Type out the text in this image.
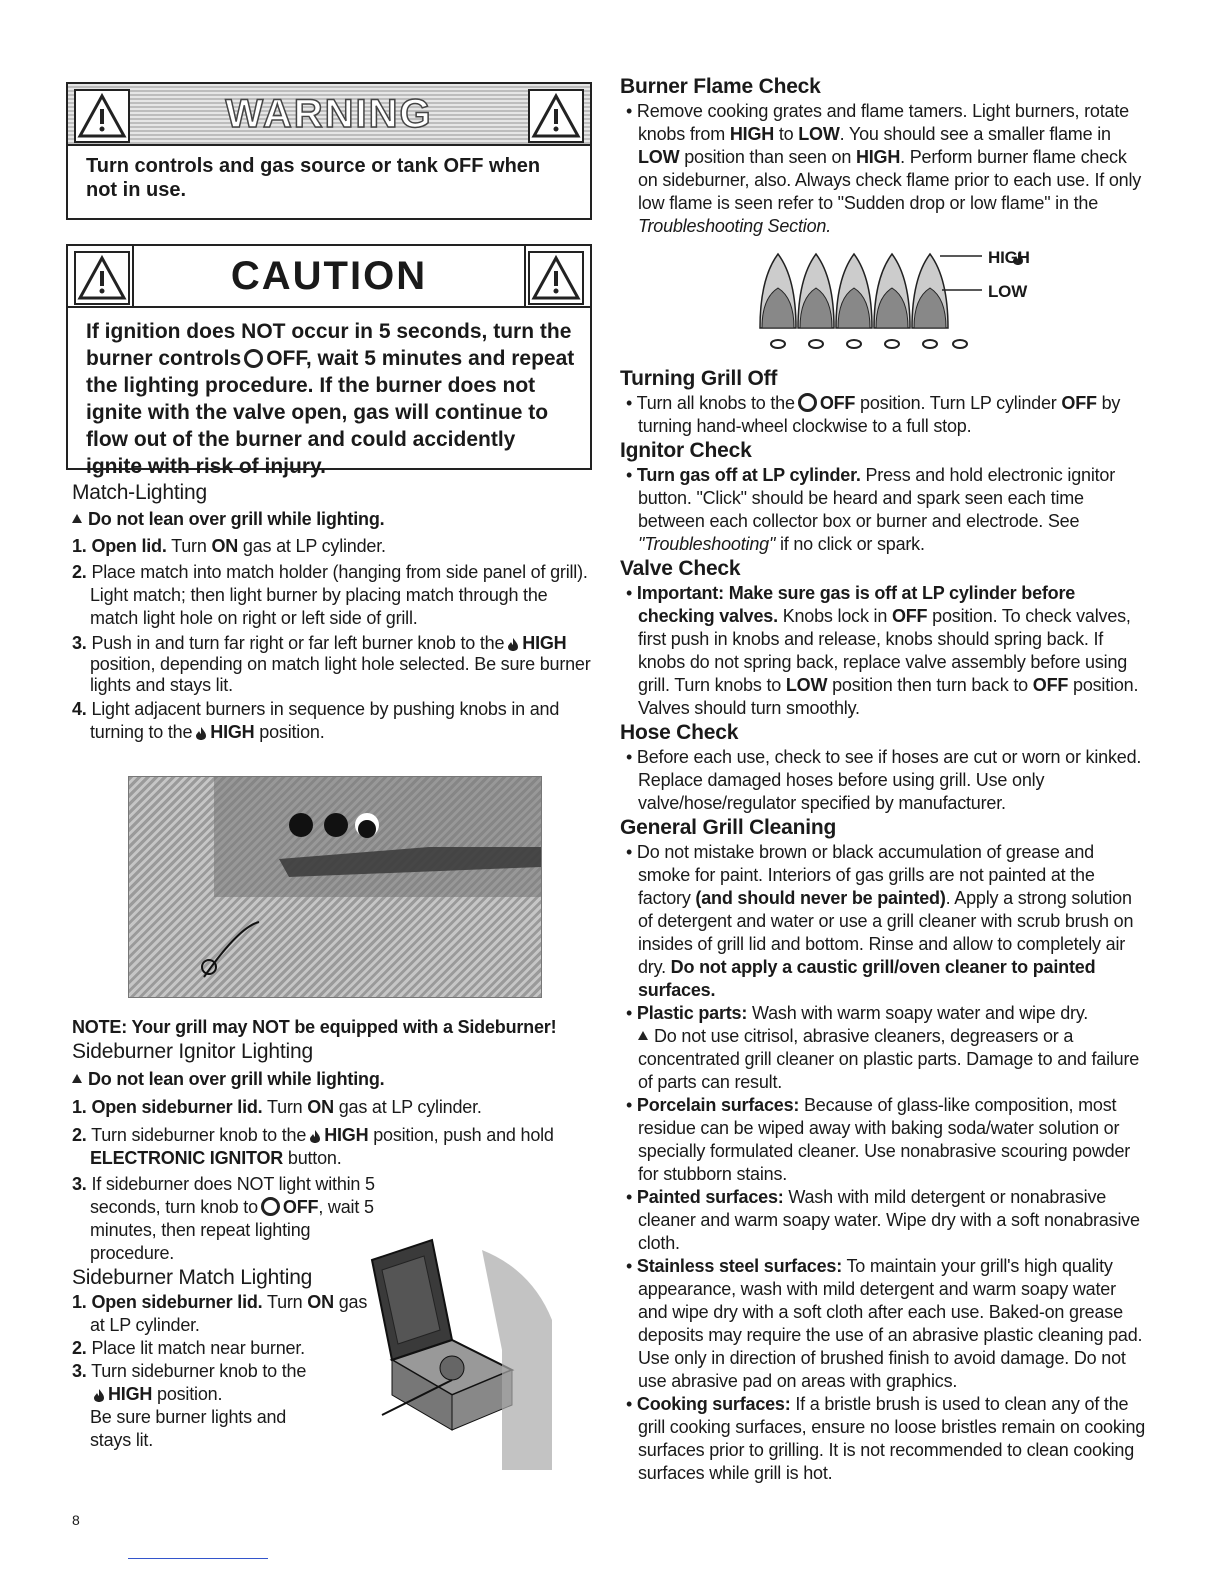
WARNING
Turn controls and gas source or tank OFF when not in use.
CAUTION
If ignition does NOT occur in 5 seconds, turn the burner controls OFF, wait 5 minutes and repeat the lighting procedure. If the burner does not ignite with the valve open, gas will continue to flow out of the burner and could accidently ignite with risk of injury.
Match-Lighting

Do not lean over grill while lighting.

1. Open lid. Turn ON gas at LP cylinder.

2. Place match into match holder (hanging from side panel of grill). Light match; then light burner by placing match through the match light hole on right or left side of grill.

3. Push in and turn far right or far left burner knob to the HIGH position, depending on match light hole selected. Be sure burner lights and stays lit.

4. Light adjacent burners in sequence by pushing knobs in and turning to the HIGH position.

NOTE: Your grill may NOT be equipped with a Sideburner!

Sideburner Ignitor Lighting

Do not lean over grill while lighting.

1. Open sideburner lid. Turn ON gas at LP cylinder.

2. Turn sideburner knob to the HIGH position, push and hold ELECTRONIC IGNITOR button.

3. If sideburner does NOT light within 5 seconds, turn knob to OFF, wait 5 minutes, then repeat lighting procedure.

Sideburner Match Lighting

1. Open sideburner lid. Turn ON gas at LP cylinder.

2. Place lit match near burner.

3. Turn sideburner knob to the
HIGH position.
Be sure burner lights and stays lit.

8
Burner Flame Check

• Remove cooking grates and flame tamers. Light burners, rotate knobs from HIGH to LOW. You should see a smaller flame in LOW position than seen on HIGH. Perform burner flame check on sideburner, also. Always check flame prior to each use. If only low flame is seen refer to "Sudden drop or low flame" in the Troubleshooting Section.

HIGH
LOW
Turning Grill Off

• Turn all knobs to the OFF position. Turn LP cylinder OFF by turning hand-wheel clockwise to a full stop.

Ignitor Check

• Turn gas off at LP cylinder. Press and hold electronic ignitor button. "Click" should be heard and spark seen each time between each collector box or burner and electrode. See "Troubleshooting" if no click or spark.

Valve Check

• Important: Make sure gas is off at LP cylinder before checking valves. Knobs lock in OFF position. To check valves, first push in knobs and release, knobs should spring back. If knobs do not spring back, replace valve assembly before using grill. Turn knobs to LOW position then turn back to OFF position. Valves should turn smoothly.

Hose Check

• Before each use, check to see if hoses are cut or worn or kinked. Replace damaged hoses before using grill. Use only valve/hose/regulator specified by manufacturer.

General Grill Cleaning

• Do not mistake brown or black accumulation of grease and smoke for paint. Interiors of gas grills are not painted at the factory (and should never be painted). Apply a strong solution of detergent and water or use a grill cleaner with scrub brush on insides of grill lid and bottom. Rinse and allow to completely air dry. Do not apply a caustic grill/oven cleaner to painted surfaces.

• Plastic parts: Wash with warm soapy water and wipe dry.
Do not use citrisol, abrasive cleaners, degreasers or a concentrated grill cleaner on plastic parts. Damage to and failure of parts can result.

• Porcelain surfaces: Because of glass-like composition, most residue can be wiped away with baking soda/water solution or specially formulated cleaner. Use nonabrasive scouring powder for stubborn stains.

• Painted surfaces: Wash with mild detergent or nonabrasive cleaner and warm soapy water. Wipe dry with a soft nonabrasive cloth.

• Stainless steel surfaces: To maintain your grill's high quality appearance, wash with mild detergent and warm soapy water and wipe dry with a soft cloth after each use. Baked-on grease deposits may require the use of an abrasive plastic cleaning pad. Use only in direction of brushed finish to avoid damage. Do not use abrasive pad on areas with graphics.

• Cooking surfaces: If a bristle brush is used to clean any of the grill cooking surfaces, ensure no loose bristles remain on cooking surfaces prior to grilling. It is not recommended to clean cooking surfaces while grill is hot.
